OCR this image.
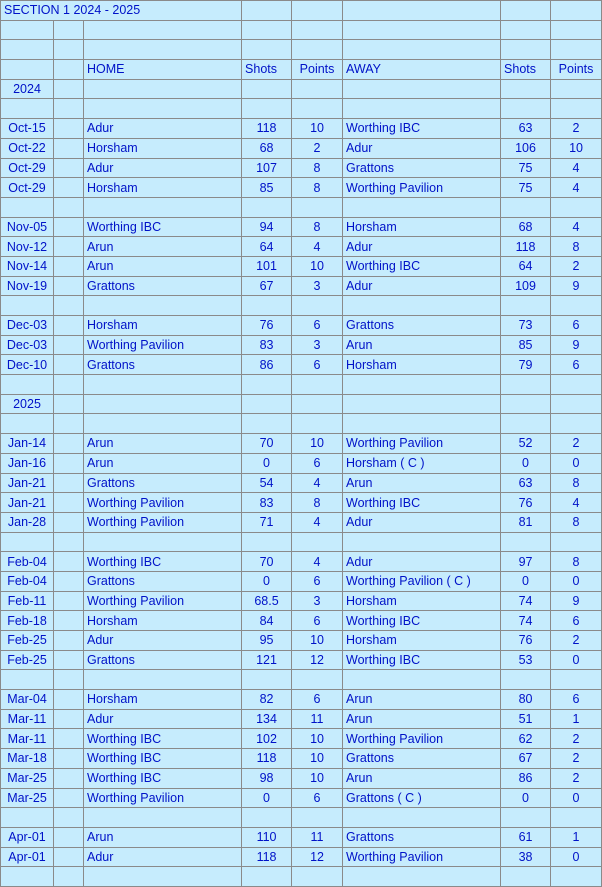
SECTION 1 2024 - 2025							

		HOME	Shots	Points	AWAY	Shots	Points
2024							

Oct-15		Adur	118	10	Worthing IBC	63	2
Oct-22		Horsham	68	2	Adur	106	10
Oct-29		Adur	107	8	Grattons	75	4
Oct-29		Horsham	85	8	Worthing Pavilion	75	4

Nov-05		Worthing IBC	94	8	Horsham	68	4
Nov-12		Arun	64	4	Adur	118	8
Nov-14		Arun	101	10	Worthing IBC	64	2
Nov-19		Grattons	67	3	Adur	109	9

Dec-03		Horsham	76	6	Grattons	73	6
Dec-03		Worthing Pavilion	83	3	Arun	85	9
Dec-10		Grattons	86	6	Horsham	79	6

2025							

Jan-14		Arun	70	10	Worthing Pavilion	52	2
Jan-16		Arun	0	6	Horsham ( C )	0	0
Jan-21		Grattons	54	4	Arun	63	8
Jan-21		Worthing Pavilion	83	8	Worthing IBC	76	4
Jan-28		Worthing Pavilion	71	4	Adur	81	8

Feb-04		Worthing IBC	70	4	Adur	97	8
Feb-04		Grattons	0	6	Worthing Pavilion ( C )	0	0
Feb-11		Worthing Pavilion	68.5	3	Horsham	74	9
Feb-18		Horsham	84	6	Worthing IBC	74	6
Feb-25		Adur	95	10	Horsham	76	2
Feb-25		Grattons	121	12	Worthing IBC	53	0

Mar-04		Horsham	82	6	Arun	80	6
Mar-11		Adur	134	11	Arun	51	1
Mar-11		Worthing IBC	102	10	Worthing Pavilion	62	2
Mar-18		Worthing IBC	118	10	Grattons	67	2
Mar-25		Worthing IBC	98	10	Arun	86	2
Mar-25		Worthing Pavilion	0	6	Grattons ( C )	0	0

Apr-01		Arun	110	11	Grattons	61	1
Apr-01		Adur	118	12	Worthing Pavilion	38	0
